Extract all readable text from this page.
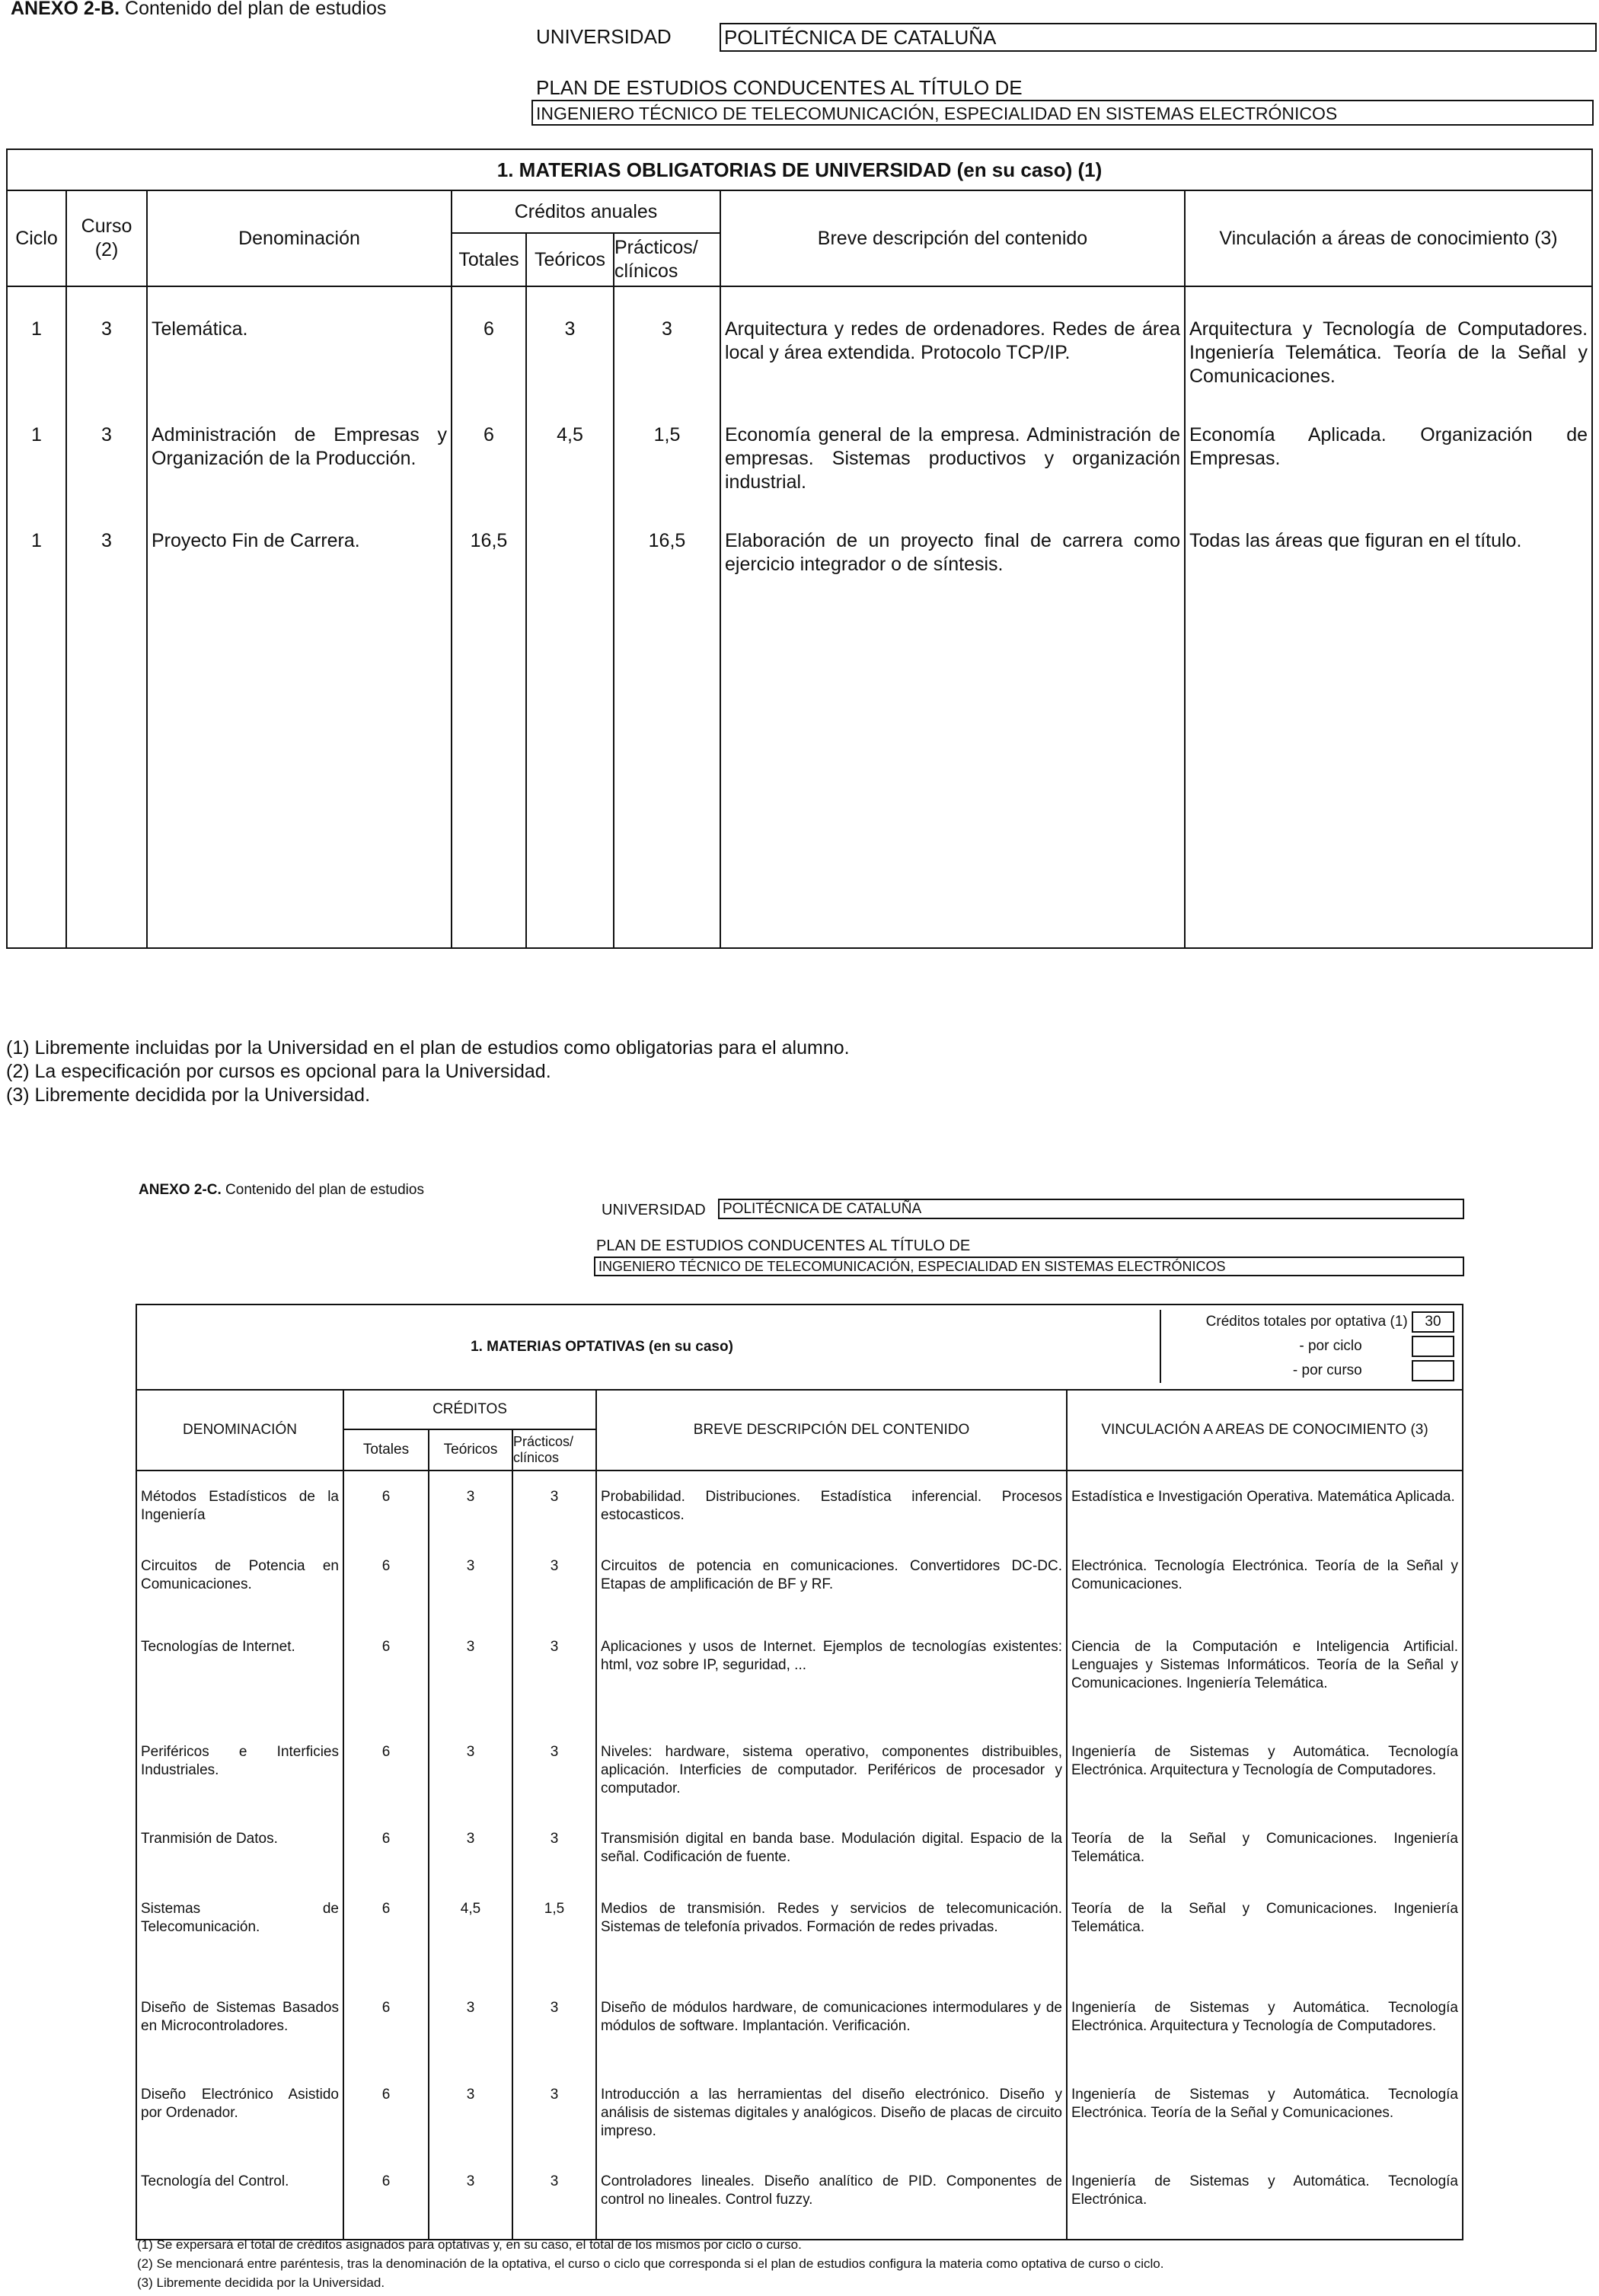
ANEXO 2-B. Contenido del plan de estudios
UNIVERSIDAD	POLITÉCNICA DE CATALUÑA
PLAN DE ESTUDIOS CONDUCENTES AL TÍTULO DE
INGENIERO TÉCNICO DE TELECOMUNICACIÓN, ESPECIALIDAD EN SISTEMAS ELECTRÓNICOS
1. MATERIAS OBLIGATORIAS DE UNIVERSIDAD (en su caso) (1)							
Ciclo	Curso (2)	Denominación	Créditos anuales			Breve descripción del contenido	Vinculación a áreas de conocimiento (3)
			Totales	Teóricos	Prácticos/ clínicos		
1	3	Telemática.	6	3	3	Arquitectura y redes de ordenadores. Redes de área local y área extendida. Protocolo TCP/IP.	Arquitectura y Tecnología de Computadores. Ingeniería Telemática. Teoría de la Señal y Comunicaciones.
1	3	Administración de Empresas y Organización de la Producción.	6	4,5	1,5	Economía general de la empresa. Administración de empresas. Sistemas productivos y organización industrial.	Economía Aplicada. Organización de Empresas.
1	3	Proyecto Fin de Carrera.	16,5		16,5	Elaboración de un proyecto final de carrera como ejercicio integrador o de síntesis.	Todas las áreas que figuran en el título.
(1) Libremente incluidas por la Universidad en el plan de estudios como obligatorias para el alumno.
(2) La especificación por cursos es opcional para la Universidad.
(3) Libremente decidida por la Universidad.
ANEXO 2-C. Contenido del plan de estudios
UNIVERSIDAD POLITÉCNICA DE CATALUÑA
PLAN DE ESTUDIOS CONDUCENTES AL TÍTULO DE
INGENIERO TÉCNICO DE TELECOMUNICACIÓN, ESPECIALIDAD EN SISTEMAS ELECTRÓNICOS
1. MATERIAS OPTATIVAS (en su caso)					Créditos totales por optativa (1) 30
- por ciclo
- por curso

DENOMINACIÓN	CRÉDITOS			BREVE DESCRIPCIÓN DEL CONTENIDO	VINCULACIÓN A AREAS DE CONOCIMIENTO (3)
	Totales	Teóricos	Prácticos/ clínicos		
Métodos Estadísticos de la Ingeniería	6	3	3	Probabilidad. Distribuciones. Estadística inferencial. Procesos estocasticos.	Estadística e Investigación Operativa. Matemática Aplicada.
Circuitos de Potencia en Comunicaciones.	6	3	3	Circuitos de potencia en comunicaciones. Convertidores DC-DC. Etapas de amplificación de BF y RF.	Electrónica. Tecnología Electrónica. Teoría de la Señal y Comunicaciones.
Tecnologías de Internet.	6	3	3	Aplicaciones y usos de Internet. Ejemplos de tecnologías existentes: html, voz sobre IP, seguridad, ...	Ciencia de la Computación e Inteligencia Artificial. Lenguajes y Sistemas Informáticos. Teoría de la Señal y Comunicaciones. Ingeniería Telemática.
Periféricos e Interficies Industriales.	6	3	3	Niveles: hardware, sistema operativo, componentes distribuibles, aplicación. Interficies de computador. Periféricos de procesador y computador.	Ingeniería de Sistemas y Automática. Tecnología Electrónica. Arquitectura y Tecnología de Computadores.
Tranmisión de Datos.	6	3	3	Transmisión digital en banda base. Modulación digital. Espacio de la señal. Codificación de fuente.	Teoría de la Señal y Comunicaciones. Ingeniería Telemática.
Sistemas de Telecomunicación.	6	4,5	1,5	Medios de transmisión. Redes y servicios de telecomunicación. Sistemas de telefonía privados. Formación de redes privadas.	Teoría de la Señal y Comunicaciones. Ingeniería Telemática.
Diseño de Sistemas Basados en Microcontroladores.	6	3	3	Diseño de módulos hardware, de comunicaciones intermodulares y de módulos de software. Implantación. Verificación.	Ingeniería de Sistemas y Automática. Tecnología Electrónica. Arquitectura y Tecnología de Computadores.
Diseño Electrónico Asistido por Ordenador.	6	3	3	Introducción a las herramientas del diseño electrónico. Diseño y análisis de sistemas digitales y analógicos. Diseño de placas de circuito impreso.	Ingeniería de Sistemas y Automática. Tecnología Electrónica. Teoría de la Señal y Comunicaciones.
Tecnología del Control.	6	3	3	Controladores lineales. Diseño analítico de PID. Componentes de control no lineales. Control fuzzy.	Ingeniería de Sistemas y Automática. Tecnología Electrónica.
(1) Se expersará el total de créditos asignados para optativas y, en su caso, el total de los mismos por ciclo o curso.
(2) Se mencionará entre paréntesis, tras la denominación de la optativa, el curso o ciclo que corresponda si el plan de estudios configura la materia como optativa de curso o ciclo.
(3) Libremente decidida por la Universidad.
